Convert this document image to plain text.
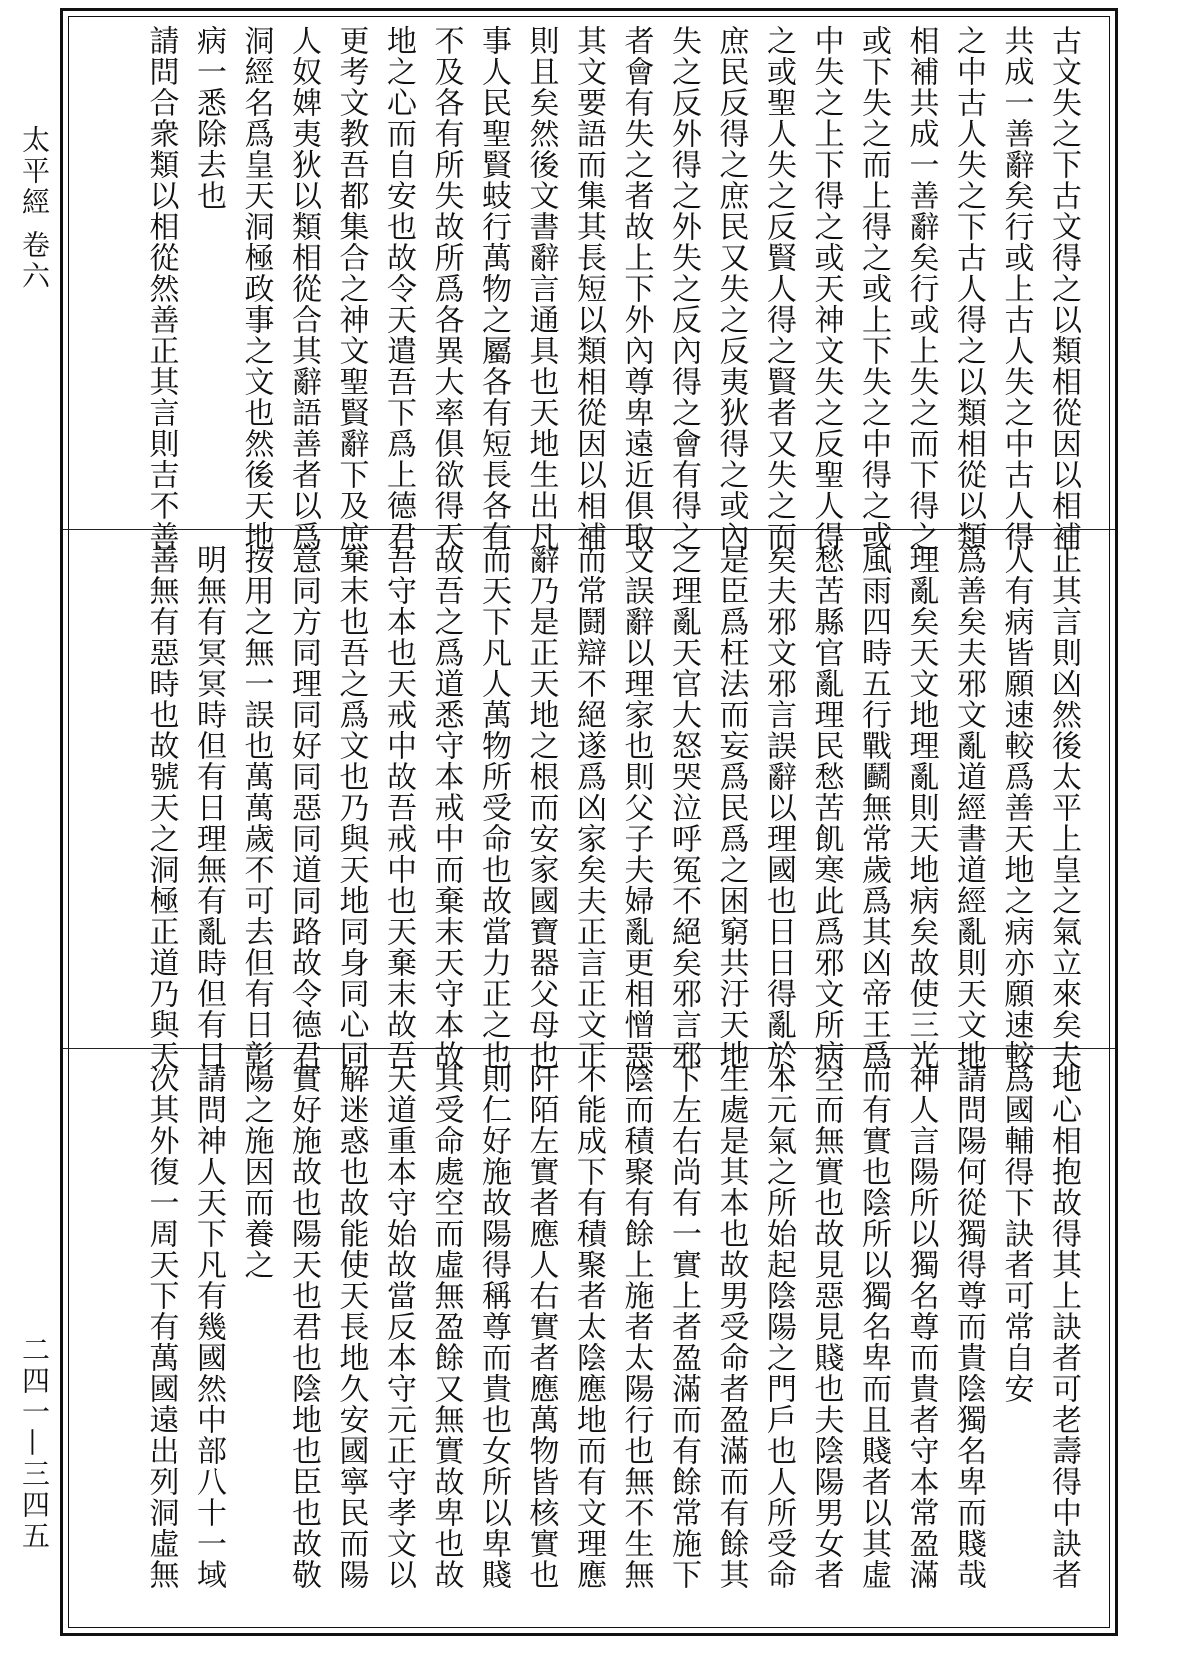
太平經 卷六
二四一—三四五
古文失之下古文得之以類相從因以相補
共成一善辭矣行或上古人失之中古人得
之中古人失之下古人得之以類相從以類
相補共成一善辭矣行或上失之而下得之
或下失之而上得之或上下失之中得之或
中失之上下得之或天神文失之反聖人得
之或聖人失之反賢人得之賢者又失之而
庶民反得之庶民又失之反夷狄得之或內
失之反外得之外失之反內得之會有得之
者會有失之者故上下外內尊卑遠近俱取
其文要語而集其長短以類相從因以相補
則且矣然後文書辭言通具也天地生出凡
事人民聖賢蚑行萬物之屬各有短長各有
不及各有所失故所爲各異大率俱欲得天
地之心而自安也故令天遣吾下爲上德君
更考文教吾都集合之神文聖賢辭下及庶
人奴婢夷狄以類相從合其辭語善者以爲
洞經名爲皇天洞極政事之文也然後天地
病一悉除去也
請問合衆類以相從然善正其言則吉不善
正其言則凶然後太平上皇之氣立來矣夫
人有病皆願速較爲善天地之病亦願速較
爲善矣夫邪文亂道經書道經亂則天文地
理亂矣天文地理亂則天地病矣故使三光
風雨四時五行戰鬬無常歲爲其凶帝王爲
愁苦縣官亂理民愁苦飢寒此爲邪文所病
矣夫邪文邪言誤辭以理國也日日得亂於
是臣爲枉法而妄爲民爲之困窮共汙天地
之理亂天官大怒哭泣呼冤不絕矣邪言邪
文誤辭以理家也則父子夫婦亂更相憎惡
而常鬪辯不絕遂爲凶家矣夫正言正文正
辭乃是正天地之根而安家國寶器父母也
而天下凡人萬物所受命也故當力正之也
故吾之爲道悉守本戒中而棄末天守本故
吾守本也天戒中故吾戒中也天棄末故吾
棄末也吾之爲文也乃與天地同身同心同
意同方同理同好同惡同道同路故令德君
按用之無一誤也萬萬歲不可去但有日彰
明無有冥冥時但有日理無有亂時但有日
善無有惡時也故號天之洞極正道乃與天
地心相抱故得其上訣者可老壽得中訣者
爲國輔得下訣者可常自安
請問陽何從獨得尊而貴陰獨名卑而賤哉
神人言陽所以獨名尊而貴者守本常盈滿
而有實也陰所以獨名卑而且賤者以其虛
空而無實也故見惡見賤也夫陰陽男女者
本元氣之所始起陰陽之門戶也人所受命
生處是其本也故男受命者盈滿而有餘其
下左右尚有一實上者盈滿而有餘常施下
陰而積聚有餘上施者太陽行也無不生無
不能成下有積聚者太陰應地而有文理應
阡陌左實者應人右實者應萬物皆核實也
則仁好施故陽得稱尊而貴也女所以卑賤
其受命處空而虛無盈餘又無實故卑也故
天道重本守始故當反本守元正守孝文以
解迷惑也故能使天長地久安國寧民而陽
實好施故也陽天也君也陰地也臣也故敬
陽之施因而養之
請問神人天下凡有幾國然中部八十一域
次其外復一周天下有萬國遠出列洞虛無
